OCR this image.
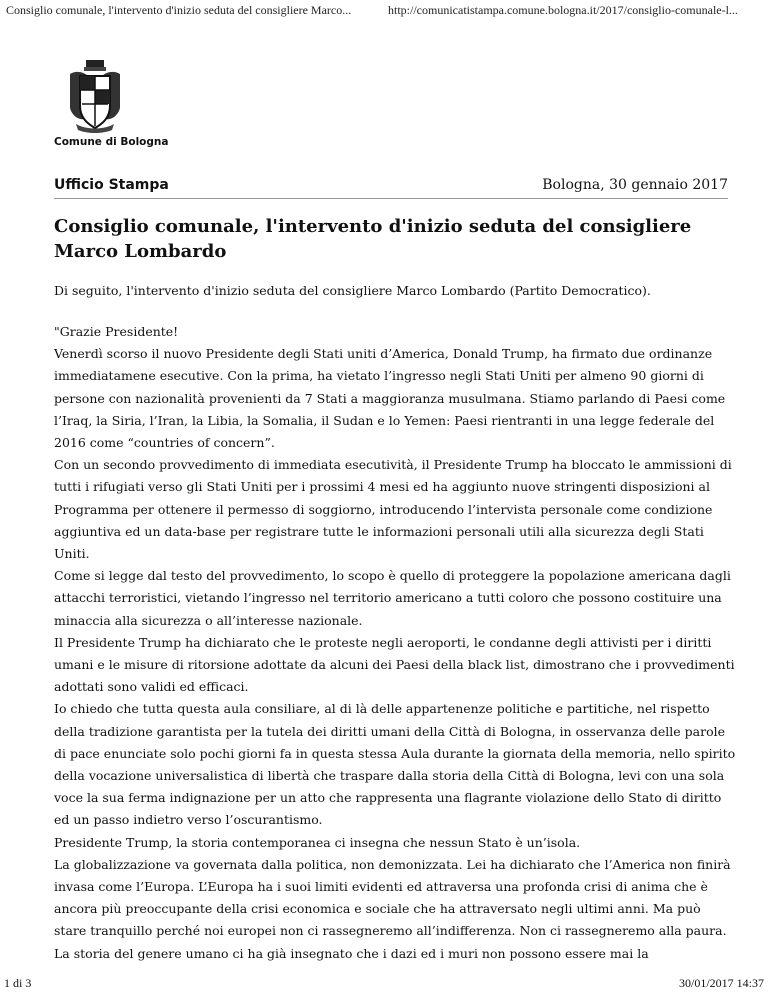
Consiglio comunale, l'intervento d'inizio seduta del consigliere Marco...	http://comunicatistampa.comune.bologna.it/2017/consiglio-comunale-l...
Comune di Bologna
Ufficio Stampa	Bologna, 30 gennaio 2017
Consiglio comunale, l'intervento d'inizio seduta del consigliere Marco Lombardo

Di seguito, l'intervento d'inizio seduta del consigliere Marco Lombardo (Partito Democratico).

"Grazie Presidente!

Venerdì scorso il nuovo Presidente degli Stati uniti d’America, Donald Trump, ha firmato due ordinanze immediatamene esecutive. Con la prima, ha vietato l’ingresso negli Stati Uniti per almeno 90 giorni di persone con nazionalità provenienti da 7 Stati a maggioranza musulmana. Stiamo parlando di Paesi come l’Iraq, la Siria, l’Iran, la Libia, la Somalia, il Sudan e lo Yemen: Paesi rientranti in una legge federale del 2016 come “countries of concern”.

Con un secondo provvedimento di immediata esecutività, il Presidente Trump ha bloccato le ammissioni di tutti i rifugiati verso gli Stati Uniti per i prossimi 4 mesi ed ha aggiunto nuove stringenti disposizioni al Programma per ottenere il permesso di soggiorno, introducendo l’intervista personale come condizione aggiuntiva ed un data-base per registrare tutte le informazioni personali utili alla sicurezza degli Stati Uniti.

Come si legge dal testo del provvedimento, lo scopo è quello di proteggere la popolazione americana dagli attacchi terroristici, vietando l’ingresso nel territorio americano a tutti coloro che possono costituire una minaccia alla sicurezza o all’interesse nazionale.

Il Presidente Trump ha dichiarato che le proteste negli aeroporti, le condanne degli attivisti per i diritti umani e le misure di ritorsione adottate da alcuni dei Paesi della black list, dimostrano che i provvedimenti adottati sono validi ed efficaci.

Io chiedo che tutta questa aula consiliare, al di là delle appartenenze politiche e partitiche, nel rispetto della tradizione garantista per la tutela dei diritti umani della Città di Bologna, in osservanza delle parole di pace enunciate solo pochi giorni fa in questa stessa Aula durante la giornata della memoria, nello spirito della vocazione universalistica di libertà che traspare dalla storia della Città di Bologna, levi con una sola voce la sua ferma indignazione per un atto che rappresenta una flagrante violazione dello Stato di diritto ed un passo indietro verso l’oscurantismo.

Presidente Trump, la storia contemporanea ci insegna che nessun Stato è un’isola.

La globalizzazione va governata dalla politica, non demonizzata. Lei ha dichiarato che l’America non finirà invasa come l’Europa. L’Europa ha i suoi limiti evidenti ed attraversa una profonda crisi di anima che è ancora più preoccupante della crisi economica e sociale che ha attraversato negli ultimi anni. Ma può stare tranquillo perché noi europei non ci rassegneremo all’indifferenza. Non ci rassegneremo alla paura. La storia del genere umano ci ha già insegnato che i dazi ed i muri non possono essere mai la

1 di 3	30/01/2017 14:37
